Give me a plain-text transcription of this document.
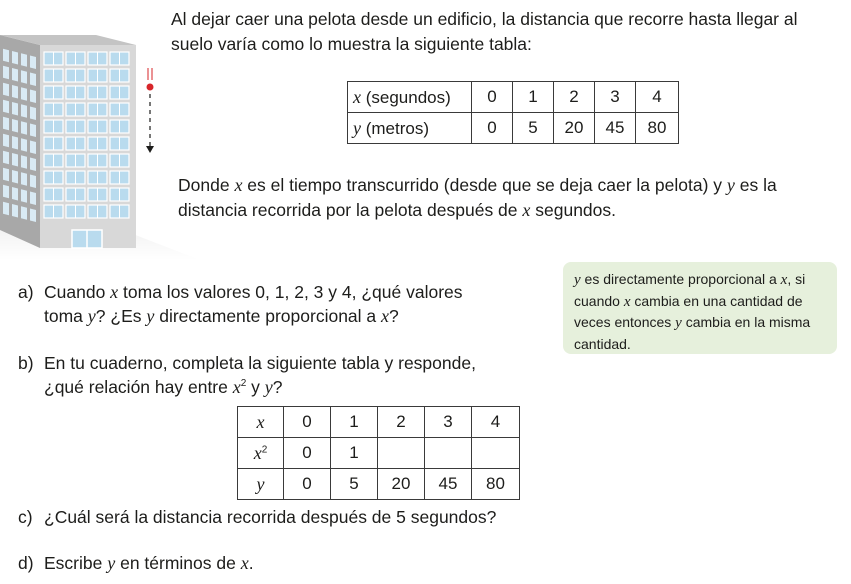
Al dejar caer una pelota desde un edificio, la distancia que recorre hasta llegar al
suelo varía como lo muestra la siguiente tabla:
x (segundos)	0	1	2	3	4
y (metros)	0	5	20	45	80
Donde x es el tiempo transcurrido (desde que se deja caer la pelota) y y es la
distancia recorrida por la pelota después de x segundos.
a) Cuando x toma los valores 0, 1, 2, 3 y 4, ¿qué valores
toma y? ¿Es y directamente proporcional a x?
y es directamente proporcional a x, si
cuando x cambia en una cantidad de
veces entonces y cambia en la misma
cantidad.
b) En tu cuaderno, completa la siguiente tabla y responde,
¿qué relación hay entre $x^2$ y y?
x	0	1	2	3	4
$x^2$	0	1			
y	0	5	20	45	80
c) ¿Cuál será la distancia recorrida después de 5 segundos?
d) Escribe y en términos de x.
